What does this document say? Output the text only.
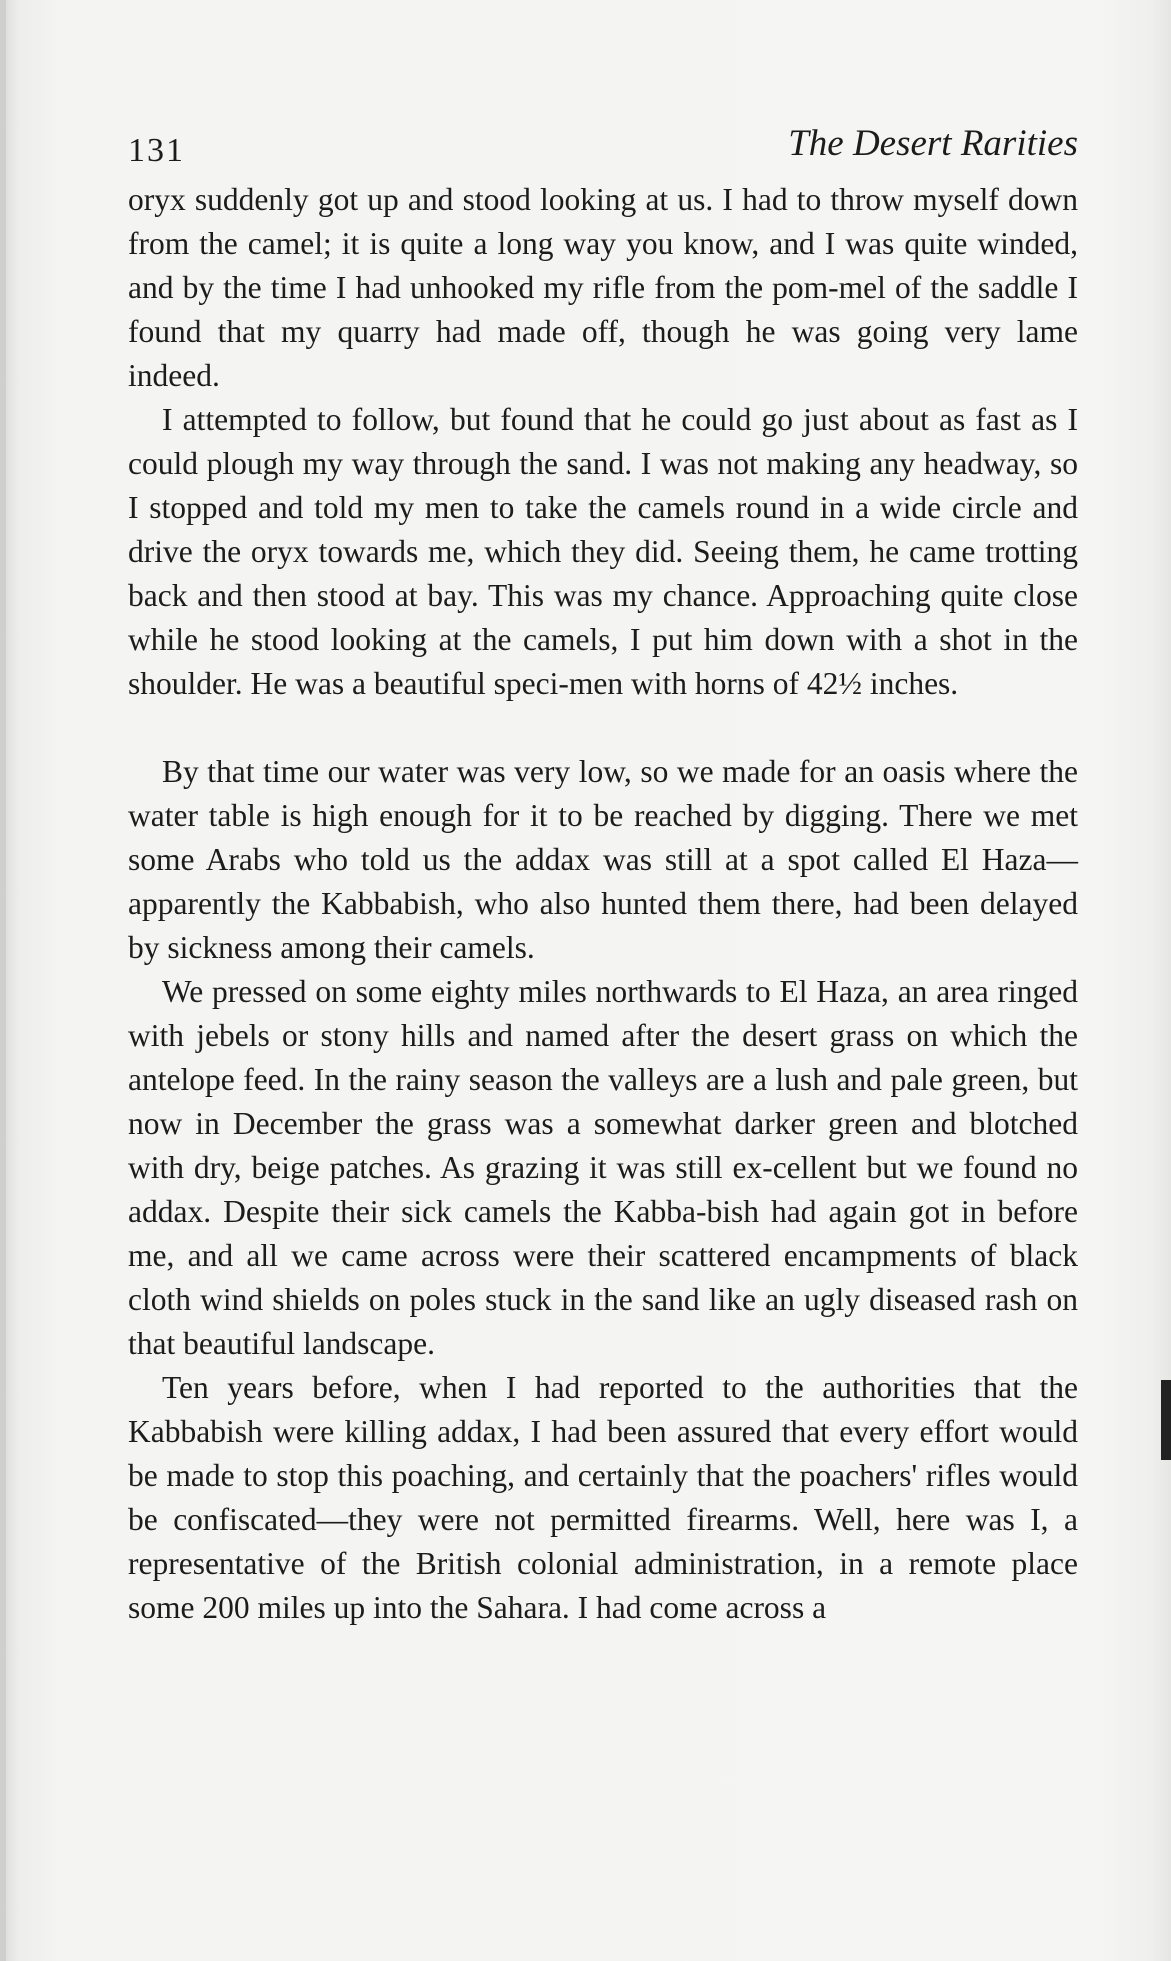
131	The Desert Rarities

oryx suddenly got up and stood looking at us. I had to throw myself down from the camel; it is quite a long way you know, and I was quite winded, and by the time I had unhooked my rifle from the pom-mel of the saddle I found that my quarry had made off, though he was going very lame indeed.

I attempted to follow, but found that he could go just about as fast as I could plough my way through the sand. I was not making any headway, so I stopped and told my men to take the camels round in a wide circle and drive the oryx towards me, which they did. Seeing them, he came trotting back and then stood at bay. This was my chance. Approaching quite close while he stood looking at the camels, I put him down with a shot in the shoulder. He was a beautiful speci-men with horns of 42½ inches.

By that time our water was very low, so we made for an oasis where the water table is high enough for it to be reached by digging. There we met some Arabs who told us the addax was still at a spot called El Haza—apparently the Kabbabish, who also hunted them there, had been delayed by sickness among their camels.

We pressed on some eighty miles northwards to El Haza, an area ringed with jebels or stony hills and named after the desert grass on which the antelope feed. In the rainy season the valleys are a lush and pale green, but now in December the grass was a somewhat darker green and blotched with dry, beige patches. As grazing it was still ex-cellent but we found no addax. Despite their sick camels the Kabba-bish had again got in before me, and all we came across were their scattered encampments of black cloth wind shields on poles stuck in the sand like an ugly diseased rash on that beautiful landscape.

Ten years before, when I had reported to the authorities that the Kabbabish were killing addax, I had been assured that every effort would be made to stop this poaching, and certainly that the poachers' rifles would be confiscated—they were not permitted firearms. Well, here was I, a representative of the British colonial administration, in a remote place some 200 miles up into the Sahara. I had come across a
